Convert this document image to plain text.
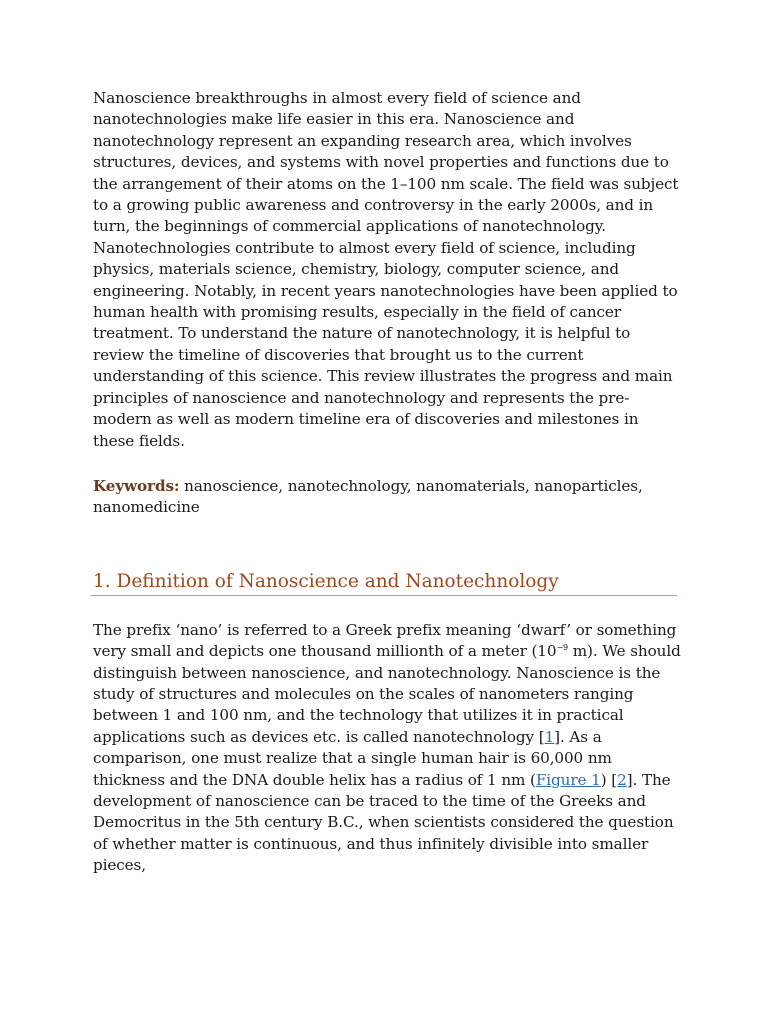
Nanoscience breakthroughs in almost every field of science and nanotechnologies make life easier in this era. Nanoscience and nanotechnology represent an expanding research area, which involves structures, devices, and systems with novel properties and functions due to the arrangement of their atoms on the 1–100 nm scale. The field was subject to a growing public awareness and controversy in the early 2000s, and in turn, the beginnings of commercial applications of nanotechnology. Nanotechnologies contribute to almost every field of science, including physics, materials science, chemistry, biology, computer science, and engineering. Notably, in recent years nanotechnologies have been applied to human health with promising results, especially in the field of cancer treatment. To understand the nature of nanotechnology, it is helpful to review the timeline of discoveries that brought us to the current understanding of this science. This review illustrates the progress and main principles of nanoscience and nanotechnology and represents the pre-modern as well as modern timeline era of discoveries and milestones in these fields.

Keywords: nanoscience, nanotechnology, nanomaterials, nanoparticles, nanomedicine

1. Definition of Nanoscience and Nanotechnology

The prefix ‘nano’ is referred to a Greek prefix meaning ‘dwarf’ or something very small and depicts one thousand millionth of a meter ($10^{-9}$ m). We should distinguish between nanoscience, and nanotechnology. Nanoscience is the study of structures and molecules on the scales of nanometers ranging between 1 and 100 nm, and the technology that utilizes it in practical applications such as devices etc. is called nanotechnology [1]. As a comparison, one must realize that a single human hair is 60,000 nm thickness and the DNA double helix has a radius of 1 nm (Figure 1) [2]. The development of nanoscience can be traced to the time of the Greeks and Democritus in the 5th century B.C., when scientists considered the question of whether matter is continuous, and thus infinitely divisible into smaller pieces,
